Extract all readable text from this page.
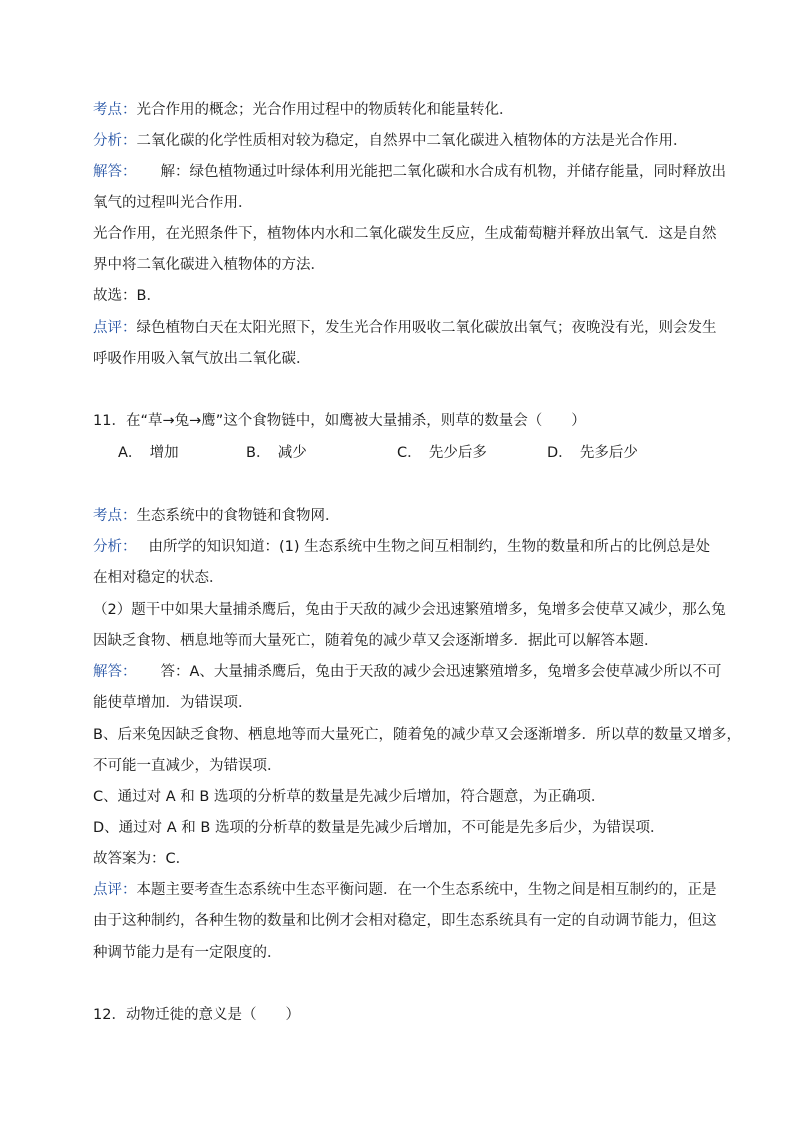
考点：光合作用的概念；光合作用过程中的物质转化和能量转化．
分析：二氧化碳的化学性质相对较为稳定，自然界中二氧化碳进入植物体的方法是光合作用．
解答： 解：绿色植物通过叶绿体利用光能把二氧化碳和水合成有机物，并储存能量，同时释放出
氧气的过程叫光合作用．
光合作用，在光照条件下，植物体内水和二氧化碳发生反应，生成葡萄糖并释放出氧气．这是自然
界中将二氧化碳进入植物体的方法．
故选：B．
点评：绿色植物白天在太阳光照下，发生光合作用吸收二氧化碳放出氧气；夜晚没有光，则会发生
呼吸作用吸入氧气放出二氧化碳．
11．在“草→兔→鹰”这个食物链中，如鹰被大量捕杀，则草的数量会（　　）
A．　增加	B．　减少	C．　先少后多	D．　先多后少
考点：生态系统中的食物链和食物网．
分析： 由所学的知识知道：(1) 生态系统中生物之间互相制约，生物的数量和所占的比例总是处
在相对稳定的状态．
（2）题干中如果大量捕杀鹰后，兔由于天敌的减少会迅速繁殖增多，兔增多会使草又减少，那么兔
因缺乏食物、栖息地等而大量死亡，随着兔的减少草又会逐渐增多．据此可以解答本题．
解答： 答：A、大量捕杀鹰后，兔由于天敌的减少会迅速繁殖增多，兔增多会使草减少所以不可
能使草增加．为错误项．
B、后来兔因缺乏食物、栖息地等而大量死亡，随着兔的减少草又会逐渐增多．所以草的数量又增多，
不可能一直减少，为错误项．
C、通过对 A 和 B 选项的分析草的数量是先减少后增加，符合题意，为正确项．
D、通过对 A 和 B 选项的分析草的数量是先减少后增加，不可能是先多后少，为错误项．
故答案为：C．
点评：本题主要考查生态系统中生态平衡问题．在一个生态系统中，生物之间是相互制约的，正是
由于这种制约，各种生物的数量和比例才会相对稳定，即生态系统具有一定的自动调节能力，但这
种调节能力是有一定限度的．
12．动物迁徙的意义是（　　）
